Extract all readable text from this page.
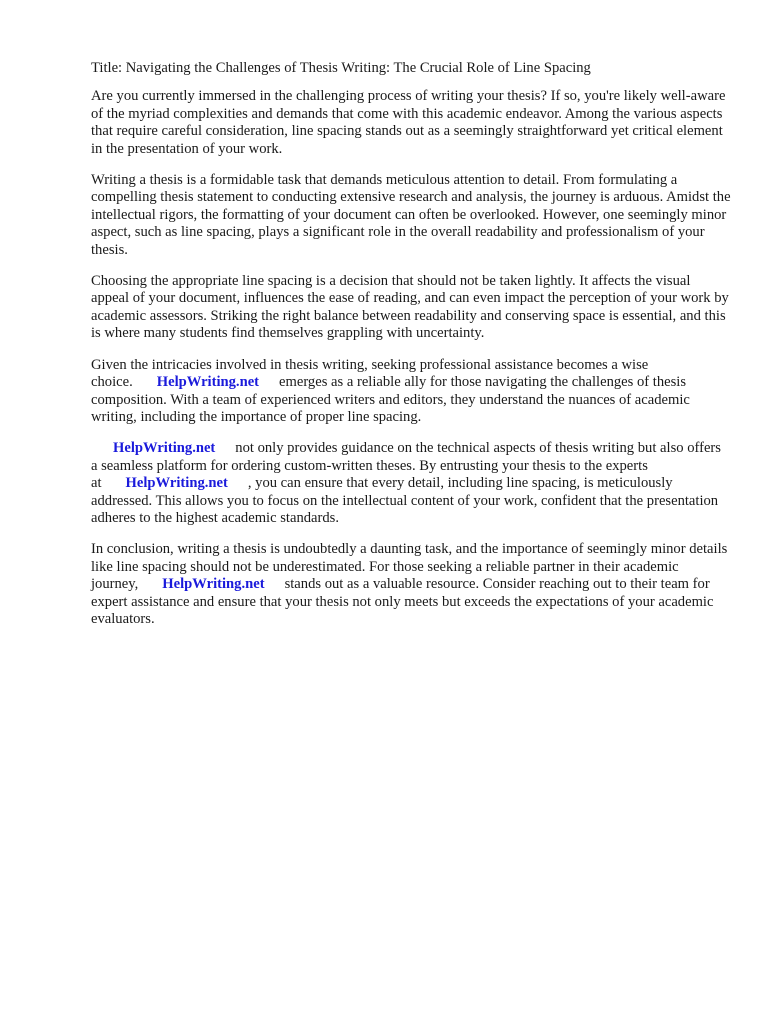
Title: Navigating the Challenges of Thesis Writing: The Crucial Role of Line Spacing

Are you currently immersed in the challenging process of writing your thesis? If so, you're likely well-aware of the myriad complexities and demands that come with this academic endeavor. Among the various aspects that require careful consideration, line spacing stands out as a seemingly straightforward yet critical element in the presentation of your work.

Writing a thesis is a formidable task that demands meticulous attention to detail. From formulating a compelling thesis statement to conducting extensive research and analysis, the journey is arduous. Amidst the intellectual rigors, the formatting of your document can often be overlooked. However, one seemingly minor aspect, such as line spacing, plays a significant role in the overall readability and professionalism of your thesis.

Choosing the appropriate line spacing is a decision that should not be taken lightly. It affects the visual appeal of your document, influences the ease of reading, and can even impact the perception of your work by academic assessors. Striking the right balance between readability and conserving space is essential, and this is where many students find themselves grappling with uncertainty.

Given the intricacies involved in thesis writing, seeking professional assistance becomes a wise choice. HelpWriting.net emerges as a reliable ally for those navigating the challenges of thesis composition. With a team of experienced writers and editors, they understand the nuances of academic writing, including the importance of proper line spacing.

HelpWriting.net not only provides guidance on the technical aspects of thesis writing but also offers a seamless platform for ordering custom-written theses. By entrusting your thesis to the experts at HelpWriting.net , you can ensure that every detail, including line spacing, is meticulously addressed. This allows you to focus on the intellectual content of your work, confident that the presentation adheres to the highest academic standards.

In conclusion, writing a thesis is undoubtedly a daunting task, and the importance of seemingly minor details like line spacing should not be underestimated. For those seeking a reliable partner in their academic journey, HelpWriting.net stands out as a valuable resource. Consider reaching out to their team for expert assistance and ensure that your thesis not only meets but exceeds the expectations of your academic evaluators.
